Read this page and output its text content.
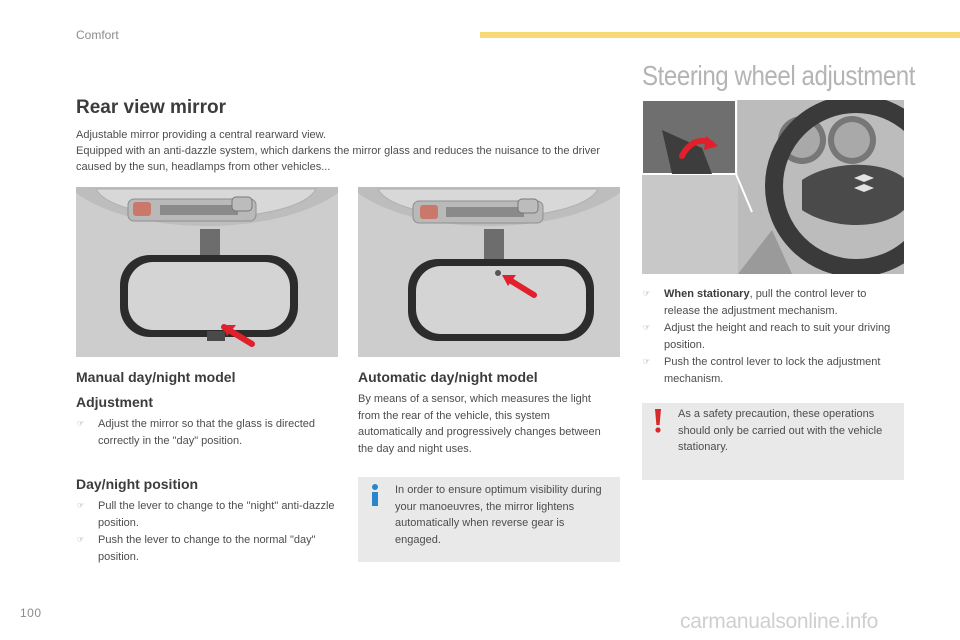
Comfort
Rear view mirror

Adjustable mirror providing a central rearward view.

Equipped with an anti-dazzle system, which darkens the mirror glass and reduces the nuisance to the driver caused by the sun, headlamps from other vehicles...

Steering wheel adjustment
Manual day/night model
Adjustment
☞ Adjust the mirror so that the glass is directed correctly in the "day" position.
Day/night position
☞ Pull the lever to change to the "night" anti-dazzle position.
☞ Push the lever to change to the normal "day" position.
Automatic day/night model
By means of a sensor, which measures the light from the rear of the vehicle, this system automatically and progressively changes between the day and night uses.
In order to ensure optimum visibility during your manoeuvres, the mirror lightens automatically when reverse gear is engaged.
☞ When stationary, pull the control lever to release the adjustment mechanism.
☞ Adjust the height and reach to suit your driving position.
☞ Push the control lever to lock the adjustment mechanism.
As a safety precaution, these operations should only be carried out with the vehicle stationary.
100	carmanualsonline.info
